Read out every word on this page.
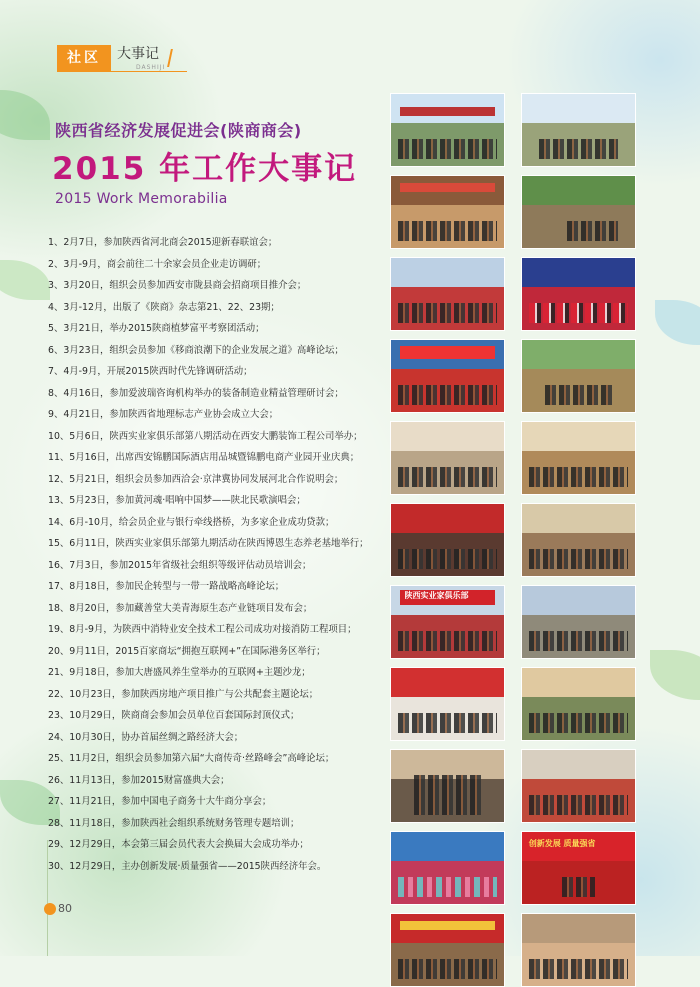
社区	大事记
DASHIJI
陕西省经济发展促进会(陕商商会)
2015 年工作大事记
2015 Work Memorabilia
1、2月7日，参加陕西省河北商会2015迎新春联谊会；
2、3月-9月，商会前往二十余家会员企业走访调研；
3、3月20日，组织会员参加西安市陇县商会招商项目推介会；
4、3月-12月，出版了《陕商》杂志第21、22、23期；
5、3月21日，举办2015陕商植梦富平考察团活动；
6、3月23日，组织会员参加《移商浪潮下的企业发展之道》高峰论坛；
7、4月-9月，开展2015陕西时代先锋调研活动；
8、4月16日，参加爱波瑞咨询机构举办的装备制造业精益管理研讨会；
9、4月21日，参加陕西省地理标志产业协会成立大会；
10、5月6日，陕西实业家俱乐部第八期活动在西安大鹏装饰工程公司举办；
11、5月16日，出席西安锦鹏国际酒店用品城暨锦鹏电商产业园开业庆典；
12、5月21日，组织会员参加西洽会·京津冀协同发展河北合作说明会；
13、5月23日，参加黄河魂·唱响中国梦——陕北民歌演唱会；
14、6月-10月，给会员企业与银行牵线搭桥，为多家企业成功贷款；
15、6月11日，陕西实业家俱乐部第九期活动在陕西博恩生态养老基地举行；
16、7月3日，参加2015年省级社会组织等级评估动员培训会；
17、8月18日，参加民企转型与一带一路战略高峰论坛；
18、8月20日，参加藏善堂大美青海原生态产业链项目发布会；
19、8月-9月，为陕西中消特业安全技术工程公司成功对接消防工程项目；
20、9月11日，2015百家商坛“拥抱互联网+”在国际港务区举行；
21、9月18日，参加大唐盛风养生堂举办的互联网+主题沙龙；
22、10月23日，参加陕西房地产项目推广与公共配套主题论坛；
23、10月29日，陕商商会参加会员单位百套国际封顶仪式；
24、10月30日，协办首届丝绸之路经济大会；
25、11月2日，组织会员参加第六届“大商传奇·丝路峰会”高峰论坛；
26、11月13日，参加2015财富盛典大会；
27、11月21日，参加中国电子商务十大牛商分享会；
28、11月18日，参加陕西社会组织系统财务管理专题培训；
29、12月29日，本会第三届会员代表大会换届大会成功举办；
30、12月29日，主办创新发展·质量强省——2015陕西经济年会。
陕西实业家俱乐部
创新发展 质量强省
80
